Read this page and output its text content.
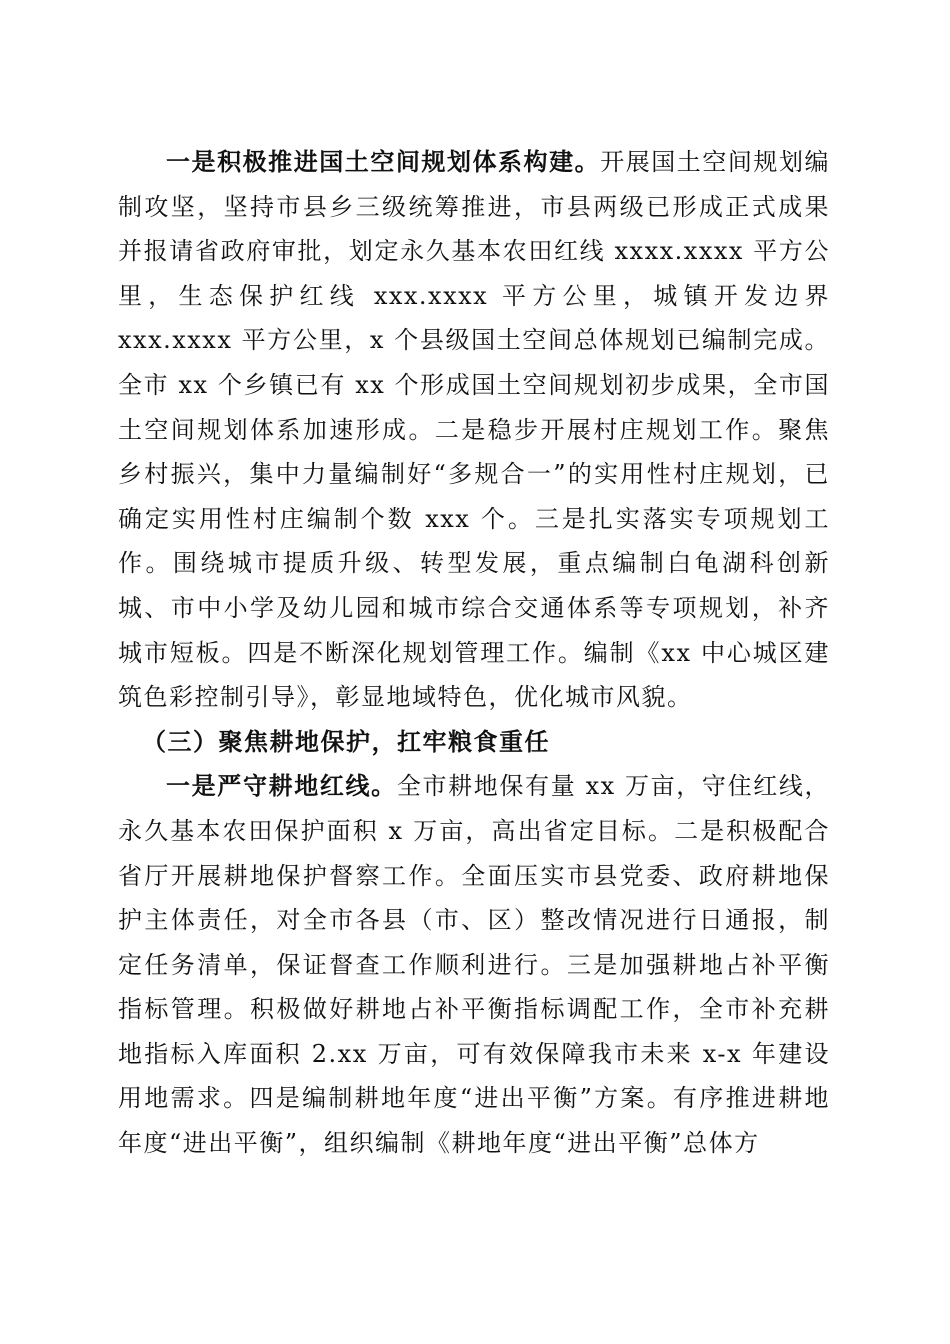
一是积极推进国土空间规划体系构建。开展国土空间规划编制攻坚，坚持市县乡三级统筹推进，市县两级已形成正式成果并报请省政府审批，划定永久基本农田红线 xxxx.xxxx 平方公里，生态保护红线 xxx.xxxx 平方公里，城镇开发边界 xxx.xxxx 平方公里，x 个县级国土空间总体规划已编制完成。全市 xx 个乡镇已有 xx 个形成国土空间规划初步成果，全市国土空间规划体系加速形成。二是稳步开展村庄规划工作。聚焦乡村振兴，集中力量编制好“多规合一”的实用性村庄规划，已确定实用性村庄编制个数 xxx 个。三是扎实落实专项规划工作。围绕城市提质升级、转型发展，重点编制白龟湖科创新城、市中小学及幼儿园和城市综合交通体系等专项规划，补齐城市短板。四是不断深化规划管理工作。编制《xx 中心城区建筑色彩控制引导》，彰显地域特色，优化城市风貌。

（三）聚焦耕地保护，扛牢粮食重任

一是严守耕地红线。全市耕地保有量 xx 万亩，守住红线，永久基本农田保护面积 x 万亩，高出省定目标。二是积极配合省厅开展耕地保护督察工作。全面压实市县党委、政府耕地保护主体责任，对全市各县（市、区）整改情况进行日通报，制定任务清单，保证督查工作顺利进行。三是加强耕地占补平衡指标管理。积极做好耕地占补平衡指标调配工作，全市补充耕地指标入库面积 2.xx 万亩，可有效保障我市未来 x-x 年建设用地需求。四是编制耕地年度“进出平衡”方案。有序推进耕地年度“进出平衡”，组织编制《耕地年度“进出平衡”总体方
